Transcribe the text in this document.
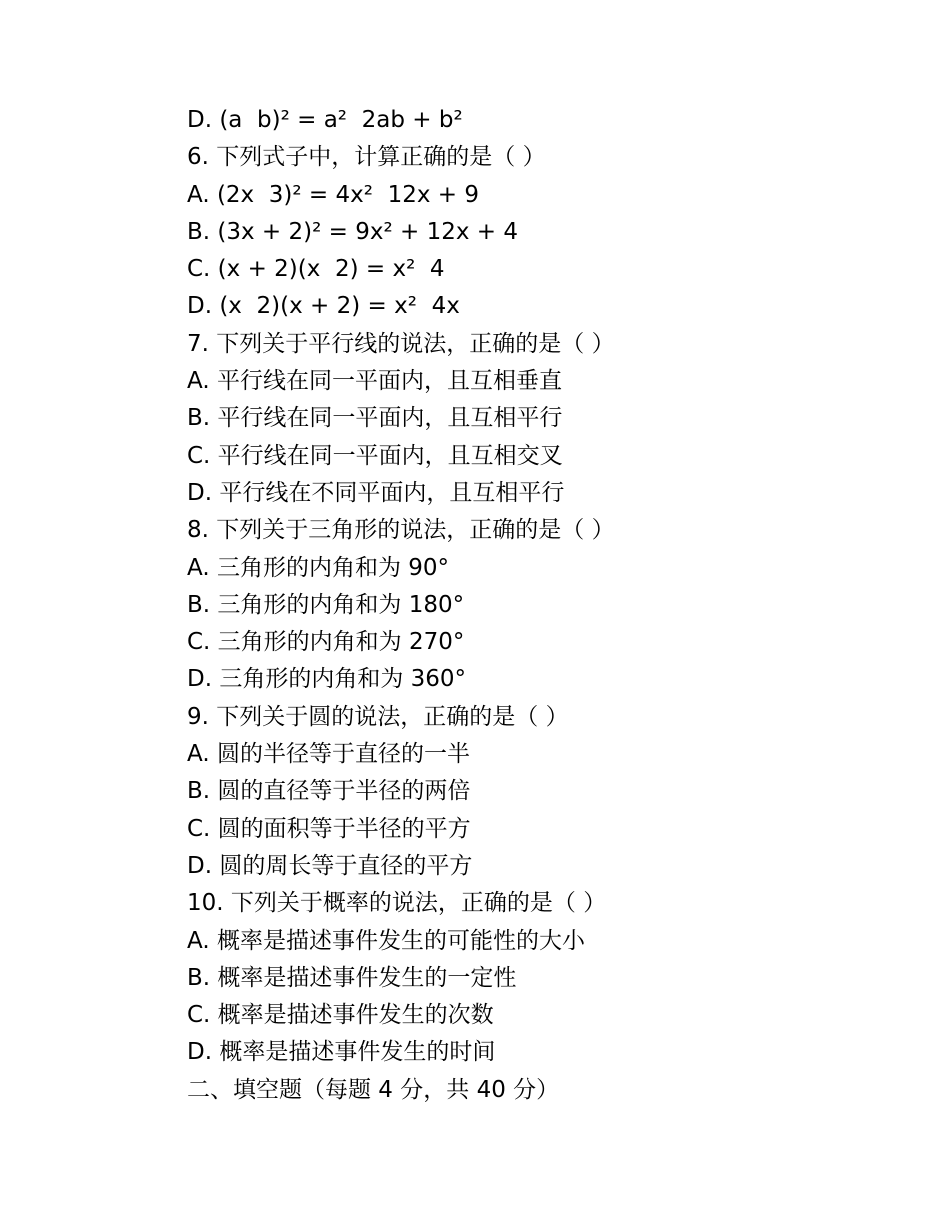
D. (a  b)² = a²  2ab + b²
6. 下列式子中，计算正确的是（ ）
A. (2x  3)² = 4x²  12x + 9
B. (3x + 2)² = 9x² + 12x + 4
C. (x + 2)(x  2) = x²  4
D. (x  2)(x + 2) = x²  4x
7. 下列关于平行线的说法，正确的是（ ）
A. 平行线在同一平面内，且互相垂直
B. 平行线在同一平面内，且互相平行
C. 平行线在同一平面内，且互相交叉
D. 平行线在不同平面内，且互相平行
8. 下列关于三角形的说法，正确的是（ ）
A. 三角形的内角和为 90°
B. 三角形的内角和为 180°
C. 三角形的内角和为 270°
D. 三角形的内角和为 360°
9. 下列关于圆的说法，正确的是（ ）
A. 圆的半径等于直径的一半
B. 圆的直径等于半径的两倍
C. 圆的面积等于半径的平方
D. 圆的周长等于直径的平方
10. 下列关于概率的说法，正确的是（ ）
A. 概率是描述事件发生的可能性的大小
B. 概率是描述事件发生的一定性
C. 概率是描述事件发生的次数
D. 概率是描述事件发生的时间
二、填空题（每题 4 分，共 40 分）
